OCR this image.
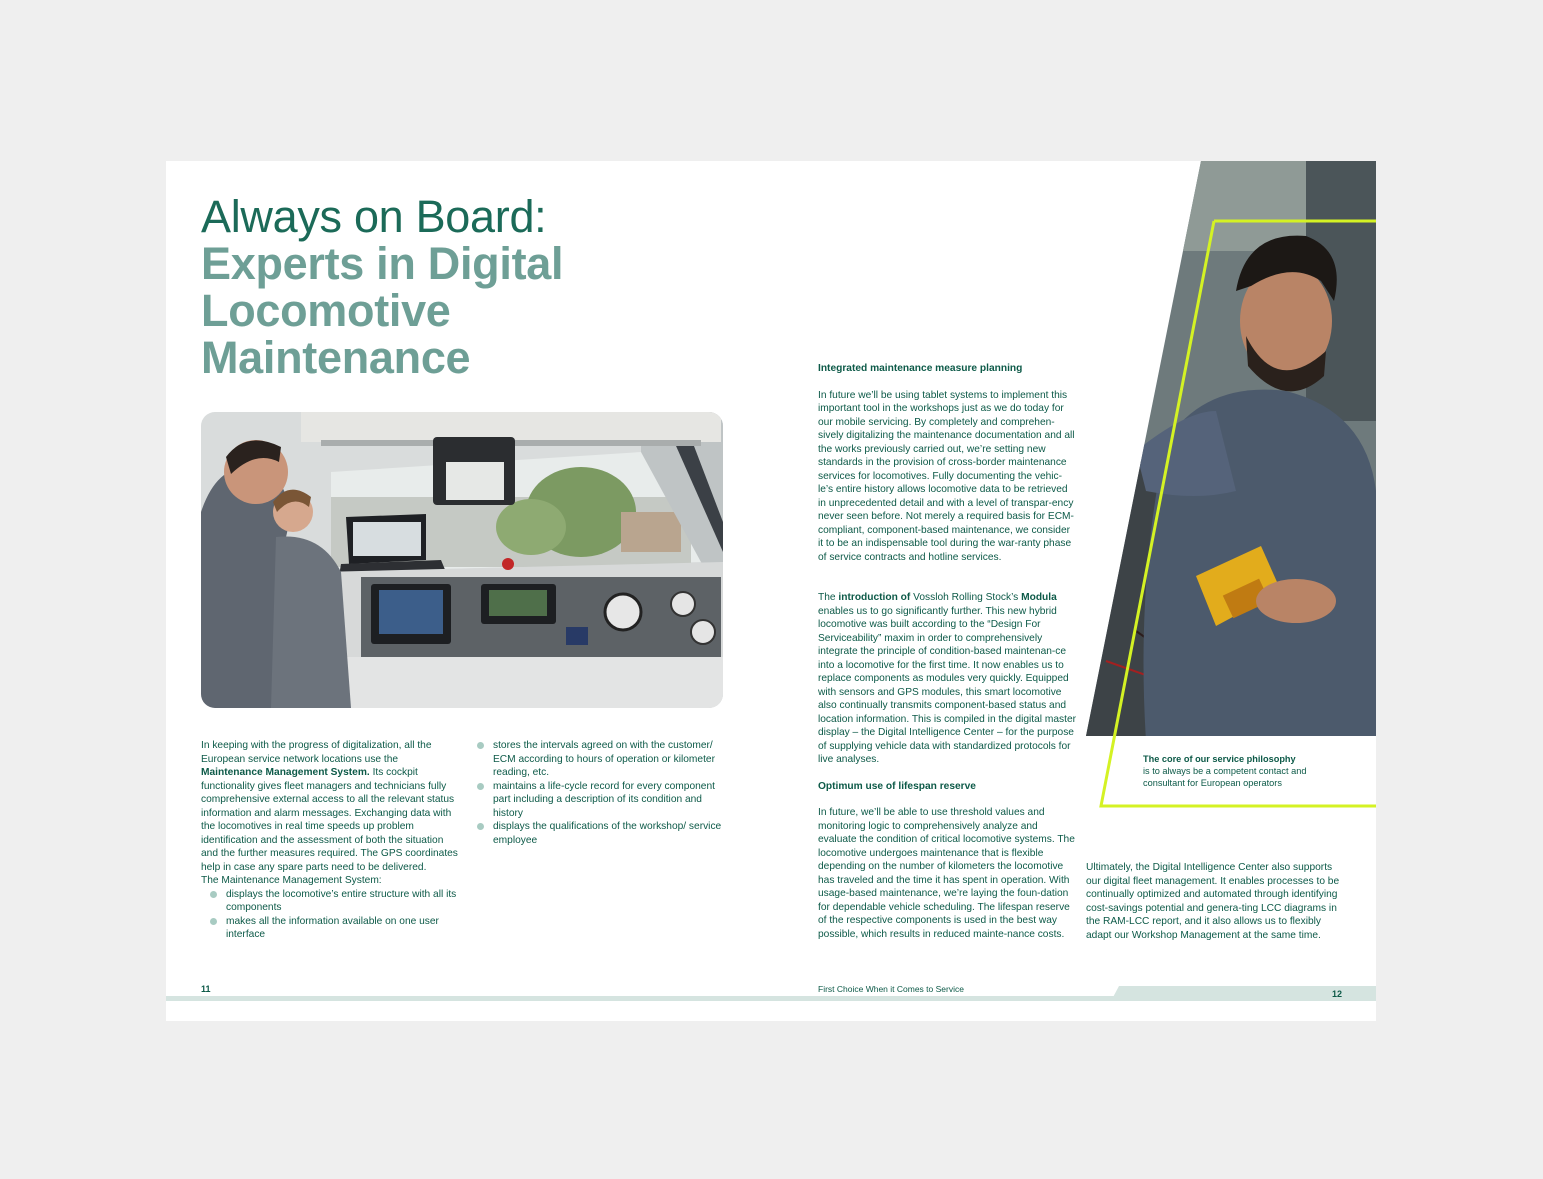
Always on Board:
Experts in Digital
Locomotive
Maintenance

In keeping with the progress of digitalization, all the European service network locations use the Maintenance Management System. Its cockpit functionality gives fleet managers and technicians fully comprehensive external access to all the relevant status information and alarm messages. Exchanging data with the locomotives in real time speeds up problem identification and the assessment of both the situation and the further measures required. The GPS coordinates help in case any spare parts need to be delivered.

The Maintenance Management System:

displays the locomotive’s entire structure with all its components
makes all the information available on one user interface
stores the intervals agreed on with the customer/ ECM according to hours of operation or kilometer reading, etc.
maintains a life-cycle record for every component part including a description of its condition and history
displays the qualifications of the workshop/ service employee

Integrated maintenance measure planning

In future we’ll be using tablet systems to implement this important tool in the workshops just as we do today for our mobile servicing. By completely and comprehen-sively digitalizing the maintenance documentation and all the works previously carried out, we’re setting new standards in the provision of cross-border maintenance services for locomotives. Fully documenting the vehic-le’s entire history allows locomotive data to be retrieved in unprecedented detail and with a level of transpar-ency never seen before. Not merely a required basis for ECM-compliant, component-based maintenance, we consider it to be an indispensable tool during the war-ranty phase of service contracts and hotline services.

The introduction of Vossloh Rolling Stock’s Modula enables us to go significantly further. This new hybrid locomotive was built according to the “Design For Serviceability” maxim in order to comprehensively integrate the principle of condition-based maintenan-ce into a locomotive for the first time. It now enables us to replace components as modules very quickly. Equipped with sensors and GPS modules, this smart locomotive also continually transmits component-based status and location information. This is compiled in the digital master display – the Digital Intelligence Center – for the purpose of supplying vehicle data with standardized protocols for live analyses.

Optimum use of lifespan reserve

In future, we’ll be able to use threshold values and monitoring logic to comprehensively analyze and evaluate the condition of critical locomotive systems. The locomotive undergoes maintenance that is flexible depending on the number of kilometers the locomotive has traveled and the time it has spent in operation. With usage-based maintenance, we’re laying the foun-dation for dependable vehicle scheduling. The lifespan reserve of the respective components is used in the best way possible, which results in reduced mainte-nance costs.

The core of our service philosophy

is to always be a competent contact and consultant for European operators

Ultimately, the Digital Intelligence Center also supports our digital fleet management. It enables processes to be continually optimized and automated through identifying cost-savings potential and genera-ting LCC diagrams in the RAM-LCC report, and it also allows us to flexibly adapt our Workshop Management at the same time.

11	First Choice When it Comes to Service	12
